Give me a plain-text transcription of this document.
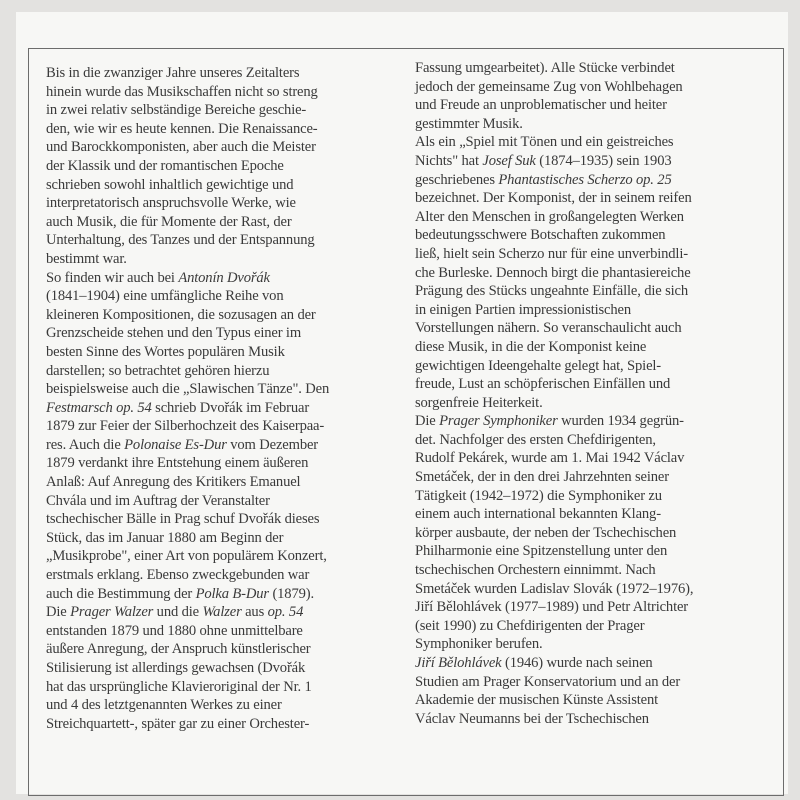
Bis in die zwanziger Jahre unseres Zeitalters
hinein wurde das Musikschaffen nicht so streng
in zwei relativ selbständige Bereiche geschie-
den, wie wir es heute kennen. Die Renaissance-
und Barockkomponisten, aber auch die Meister
der Klassik und der romantischen Epoche
schrieben sowohl inhaltlich gewichtige und
interpretatorisch anspruchsvolle Werke, wie
auch Musik, die für Momente der Rast, der
Unterhaltung, des Tanzes und der Entspannung
bestimmt war.
So finden wir auch bei Antonín Dvořák
(1841–1904) eine umfängliche Reihe von
kleineren Kompositionen, die sozusagen an der
Grenzscheide stehen und den Typus einer im
besten Sinne des Wortes populären Musik
darstellen; so betrachtet gehören hierzu
beispielsweise auch die „Slawischen Tänze". Den
Festmarsch op. 54 schrieb Dvořák im Februar
1879 zur Feier der Silberhochzeit des Kaiserpaa-
res. Auch die Polonaise Es-Dur vom Dezember
1879 verdankt ihre Entstehung einem äußeren
Anlaß: Auf Anregung des Kritikers Emanuel
Chvála und im Auftrag der Veranstalter
tschechischer Bälle in Prag schuf Dvořák dieses
Stück, das im Januar 1880 am Beginn der
„Musikprobe", einer Art von populärem Konzert,
erstmals erklang. Ebenso zweckgebunden war
auch die Bestimmung der Polka B-Dur (1879).
Die Prager Walzer und die Walzer aus op. 54
entstanden 1879 und 1880 ohne unmittelbare
äußere Anregung, der Anspruch künstlerischer
Stilisierung ist allerdings gewachsen (Dvořák
hat das ursprüngliche Klavieroriginal der Nr. 1
und 4 des letztgenannten Werkes zu einer
Streichquartett-, später gar zu einer Orchester-
Fassung umgearbeitet). Alle Stücke verbindet
jedoch der gemeinsame Zug von Wohlbehagen
und Freude an unproblematischer und heiter
gestimmter Musik.
Als ein „Spiel mit Tönen und ein geistreiches
Nichts" hat Josef Suk (1874–1935) sein 1903
geschriebenes Phantastisches Scherzo op. 25
bezeichnet. Der Komponist, der in seinem reifen
Alter den Menschen in großangelegten Werken
bedeutungsschwere Botschaften zukommen
ließ, hielt sein Scherzo nur für eine unverbindli-
che Burleske. Dennoch birgt die phantasiereiche
Prägung des Stücks ungeahnte Einfälle, die sich
in einigen Partien impressionistischen
Vorstellungen nähern. So veranschaulicht auch
diese Musik, in die der Komponist keine
gewichtigen Ideengehalte gelegt hat, Spiel-
freude, Lust an schöpferischen Einfällen und
sorgenfreie Heiterkeit.
Die Prager Symphoniker wurden 1934 gegrün-
det. Nachfolger des ersten Chefdirigenten,
Rudolf Pekárek, wurde am 1. Mai 1942 Václav
Smetáček, der in den drei Jahrzehnten seiner
Tätigkeit (1942–1972) die Symphoniker zu
einem auch international bekannten Klang-
körper ausbaute, der neben der Tschechischen
Philharmonie eine Spitzenstellung unter den
tschechischen Orchestern einnimmt. Nach
Smetáček wurden Ladislav Slovák (1972–1976),
Jiří Bělohlávek (1977–1989) und Petr Altrichter
(seit 1990) zu Chefdirigenten der Prager
Symphoniker berufen.
Jiří Bělohlávek (1946) wurde nach seinen
Studien am Prager Konservatorium und an der
Akademie der musischen Künste Assistent
Václav Neumanns bei der Tschechischen
